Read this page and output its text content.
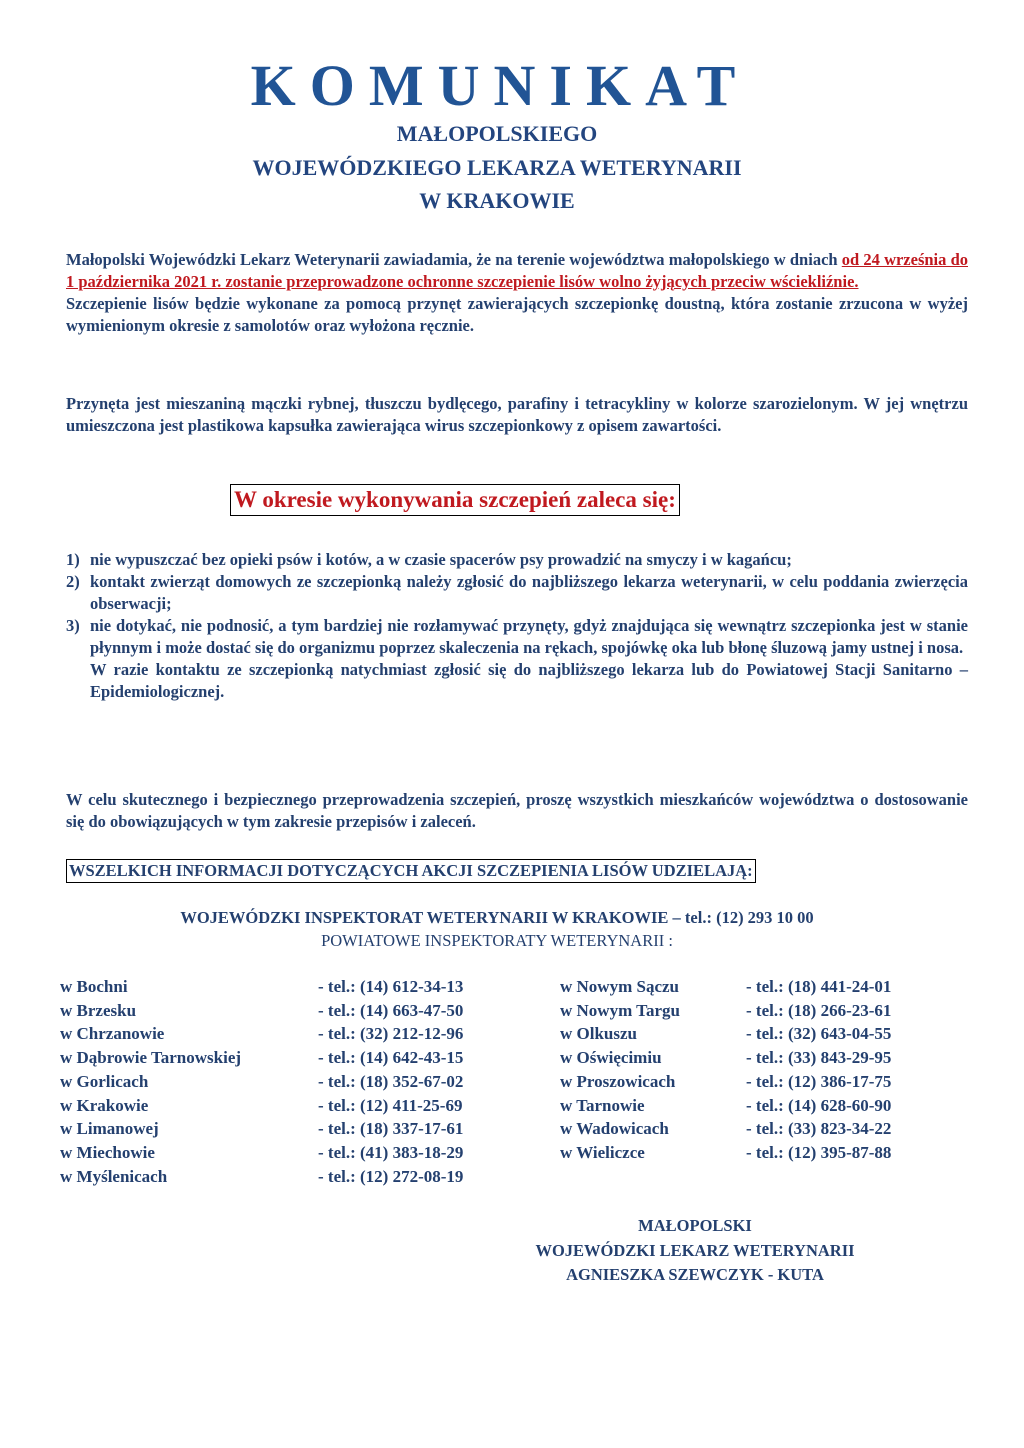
KOMUNIKAT
MAŁOPOLSKIEGO
WOJEWÓDZKIEGO LEKARZA WETERYNARII
W KRAKOWIE
Małopolski Wojewódzki Lekarz Weterynarii zawiadamia, że na terenie województwa małopolskiego w dniach od 24 września do 1 października 2021 r. zostanie przeprowadzone ochronne szczepienie lisów wolno żyjących przeciw wściekliźnie.
Szczepienie lisów będzie wykonane za pomocą przynęt zawierających szczepionkę doustną, która zostanie zrzucona w wyżej wymienionym okresie z samolotów oraz wyłożona ręcznie.
Przynęta jest mieszaniną mączki rybnej, tłuszczu bydlęcego, parafiny i tetracykliny w kolorze szarozielonym. W jej wnętrzu umieszczona jest plastikowa kapsułka zawierająca wirus szczepionkowy z opisem zawartości.
W okresie wykonywania szczepień zaleca się:
1) nie wypuszczać bez opieki psów i kotów, a w czasie spacerów psy prowadzić na smyczy i w kagańcu;
2) kontakt zwierząt domowych ze szczepionką należy zgłosić do najbliższego lekarza weterynarii, w celu poddania zwierzęcia obserwacji;
3) nie dotykać, nie podnosić, a tym bardziej nie rozłamywać przynęty, gdyż znajdująca się wewnątrz szczepionka jest w stanie płynnym i może dostać się do organizmu poprzez skaleczenia na rękach, spojówkę oka lub błonę śluzową jamy ustnej i nosa.
W razie kontaktu ze szczepionką natychmiast zgłosić się do najbliższego lekarza lub do Powiatowej Stacji Sanitarno – Epidemiologicznej.
W celu skutecznego i bezpiecznego przeprowadzenia szczepień, proszę wszystkich mieszkańców województwa o dostosowanie się do obowiązujących w tym zakresie przepisów i zaleceń.
WSZELKICH INFORMACJI DOTYCZĄCYCH AKCJI SZCZEPIENIA LISÓW UDZIELAJĄ:
WOJEWÓDZKI INSPEKTORAT WETERYNARII W KRAKOWIE – tel.: (12) 293 10 00
POWIATOWE INSPEKTORATY WETERYNARII :
w Bochni	- tel.: (14) 612-34-13
w Brzesku	- tel.: (14) 663-47-50
w Chrzanowie	- tel.: (32) 212-12-96
w Dąbrowie Tarnowskiej	- tel.: (14) 642-43-15
w Gorlicach	- tel.: (18) 352-67-02
w Krakowie	- tel.: (12) 411-25-69
w Limanowej	- tel.: (18) 337-17-61
w Miechowie	- tel.: (41) 383-18-29
w Myślenicach	- tel.: (12) 272-08-19
w Nowym Sączu	- tel.: (18) 441-24-01
w Nowym Targu	- tel.: (18) 266-23-61
w Olkuszu	- tel.: (32) 643-04-55
w Oświęcimiu	- tel.: (33) 843-29-95
w Proszowicach	- tel.: (12) 386-17-75
w Tarnowie	- tel.: (14) 628-60-90
w Wadowicach	- tel.: (33) 823-34-22
w Wieliczce	- tel.: (12) 395-87-88
MAŁOPOLSKI
WOJEWÓDZKI LEKARZ WETERYNARII
AGNIESZKA SZEWCZYK - KUTA
